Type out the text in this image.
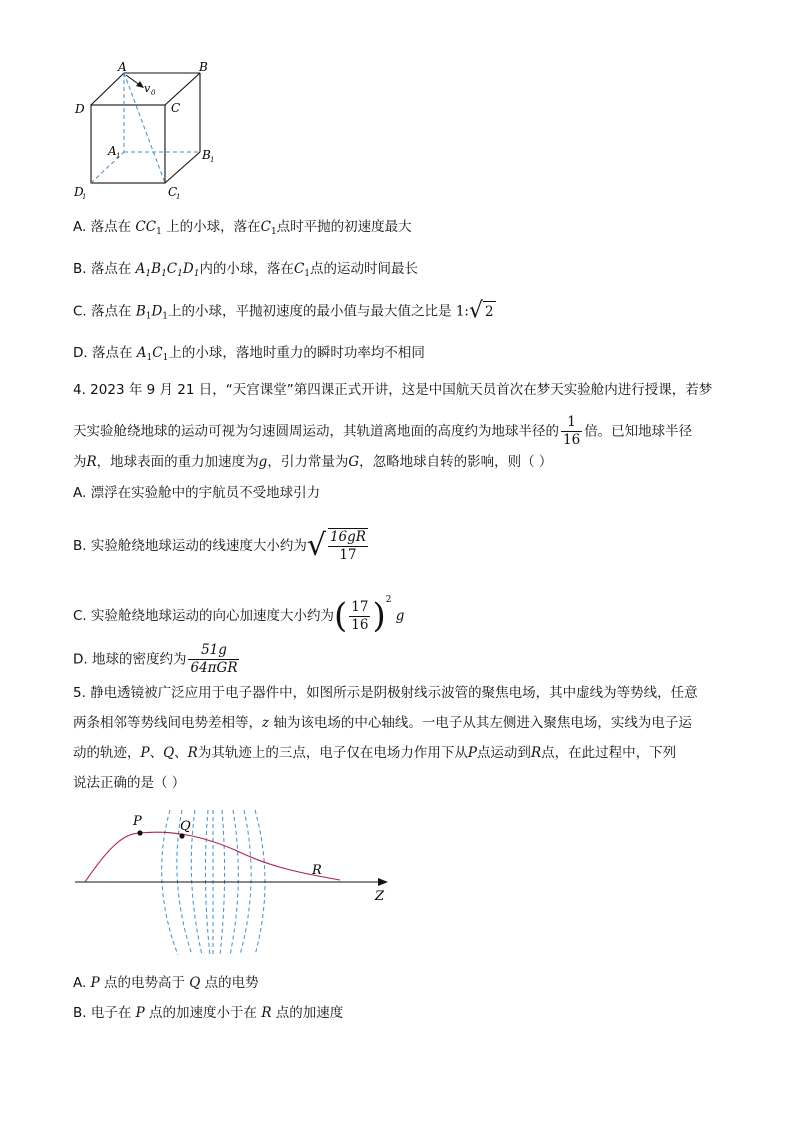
A	B
C
D
v 0
A 1	B 1
C
1
D
1
A. 落点在 $CC_1$ 上的小球，落在$C_1$点时平抛的初速度最大
B. 落点在 $A_1B_1C_1D_1$内的小球，落在$C_1$点的运动时间最长
C. 落点在 $B_1D_1$上的小球，平抛初速度的最小值与最大值之比是 1:√ 2
D. 落点在 $A_1C_1$上的小球，落地时重力的瞬时功率均不相同
4. 2023 年 9 月 21 日，“天宫课堂”第四课正式开讲，这是中国航天员首次在梦天实验舱内进行授课，若梦
天实验舱绕地球的运动可视为匀速圆周运动，其轨道离地面的高度约为地球半径的 $\frac{1}{16}$ 倍。已知地球半径
为R，地球表面的重力加速度为g，引力常量为G，忽略地球自转的影响，则（ ）
A. 漂浮在实验舱中的宇航员不受地球引力
B. 实验舱绕地球运动的线速度大小约为√ $\frac{16gR}{17}$
C. 实验舱绕地球运动的向心加速度大小约为( $\frac{17}{16} )^2$ g
D. 地球的密度约为 $\frac{51g}{\text{64πGR}}$
5. 静电透镜被广泛应用于电子器件中，如图所示是阴极射线示波管的聚焦电场，其中虚线为等势线，任意
两条相邻等势线间电势差相等，z 轴为该电场的中心轴线。一电子从其左侧进入聚焦电场，实线为电子运
动的轨迹，P、Q、R为其轨迹上的三点，电子仅在电场力作用下从P点运动到R点，在此过程中，下列
说法正确的是（ ）
P	Q
R
Z
A. P 点的电势高于 Q 点的电势
B. 电子在 P 点的加速度小于在 R 点的加速度
